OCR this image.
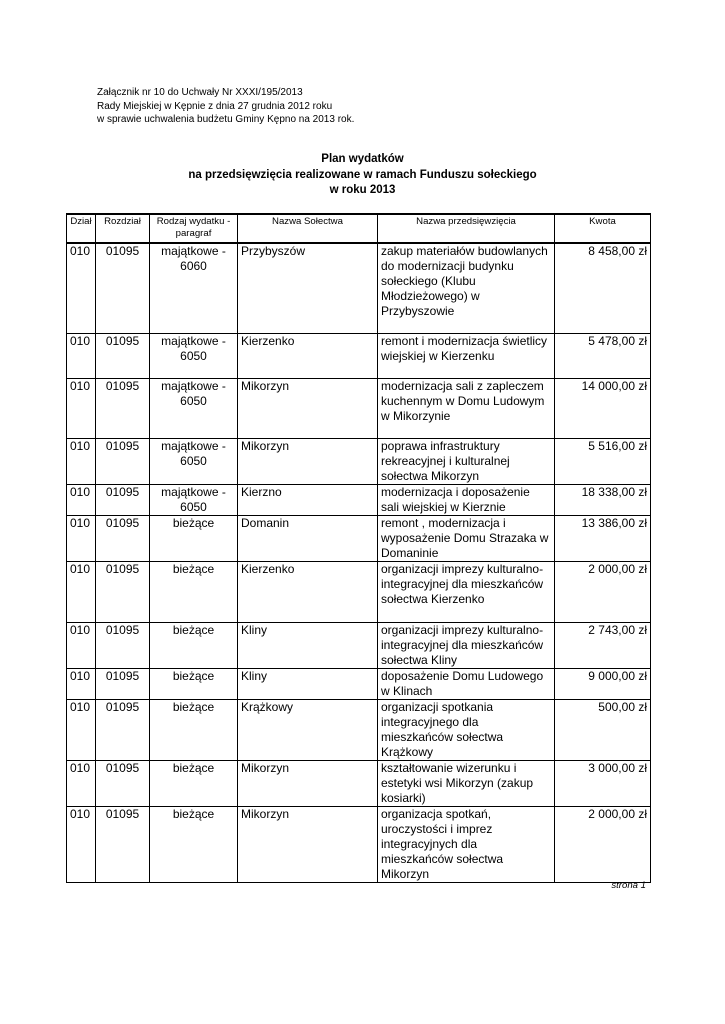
Załącznik nr 10 do Uchwały Nr XXXI/195/2013
Rady Miejskiej w Kępnie z dnia 27 grudnia 2012 roku
w sprawie uchwalenia budżetu Gminy Kępno na 2013 rok.
Plan wydatków
na przedsięwzięcia realizowane w ramach Funduszu sołeckiego
w roku 2013
Dział	Rozdział	Rodzaj wydatku - paragraf	Nazwa Sołectwa	Nazwa przedsięwzięcia	Kwota
010	01095	majątkowe - 6060	Przybyszów	zakup materiałów budowlanych do modernizacji budynku sołeckiego (Klubu Młodzieżowego) w Przybyszowie	8 458,00 zł
010	01095	majątkowe - 6050	Kierzenko	remont i modernizacja świetlicy wiejskiej w Kierzenku	5 478,00 zł
010	01095	majątkowe - 6050	Mikorzyn	modernizacja sali z zapleczem kuchennym w Domu Ludowym w Mikorzynie	14 000,00 zł
010	01095	majątkowe - 6050	Mikorzyn	poprawa infrastruktury rekreacyjnej i kulturalnej sołectwa Mikorzyn	5 516,00 zł
010	01095	majątkowe - 6050	Kierzno	modernizacja i doposażenie sali wiejskiej w Kierznie	18 338,00 zł
010	01095	bieżące	Domanin	remont , modernizacja i wyposażenie Domu Strazaka w Domaninie	13 386,00 zł
010	01095	bieżące	Kierzenko	organizacji imprezy kulturalno-integracyjnej dla mieszkańców sołectwa Kierzenko	2 000,00 zł
010	01095	bieżące	Kliny	organizacji imprezy kulturalno-integracyjnej dla mieszkańców sołectwa Kliny	2 743,00 zł
010	01095	bieżące	Kliny	doposażenie Domu Ludowego w Klinach	9 000,00 zł
010	01095	bieżące	Krążkowy	organizacji spotkania integracyjnego dla mieszkańców sołectwa Krążkowy	500,00 zł
010	01095	bieżące	Mikorzyn	kształtowanie wizerunku i estetyki wsi Mikorzyn (zakup kosiarki)	3 000,00 zł
010	01095	bieżące	Mikorzyn	organizacja spotkań, uroczystości i imprez integracyjnych dla mieszkańców sołectwa Mikorzyn	2 000,00 zł
strona 1
